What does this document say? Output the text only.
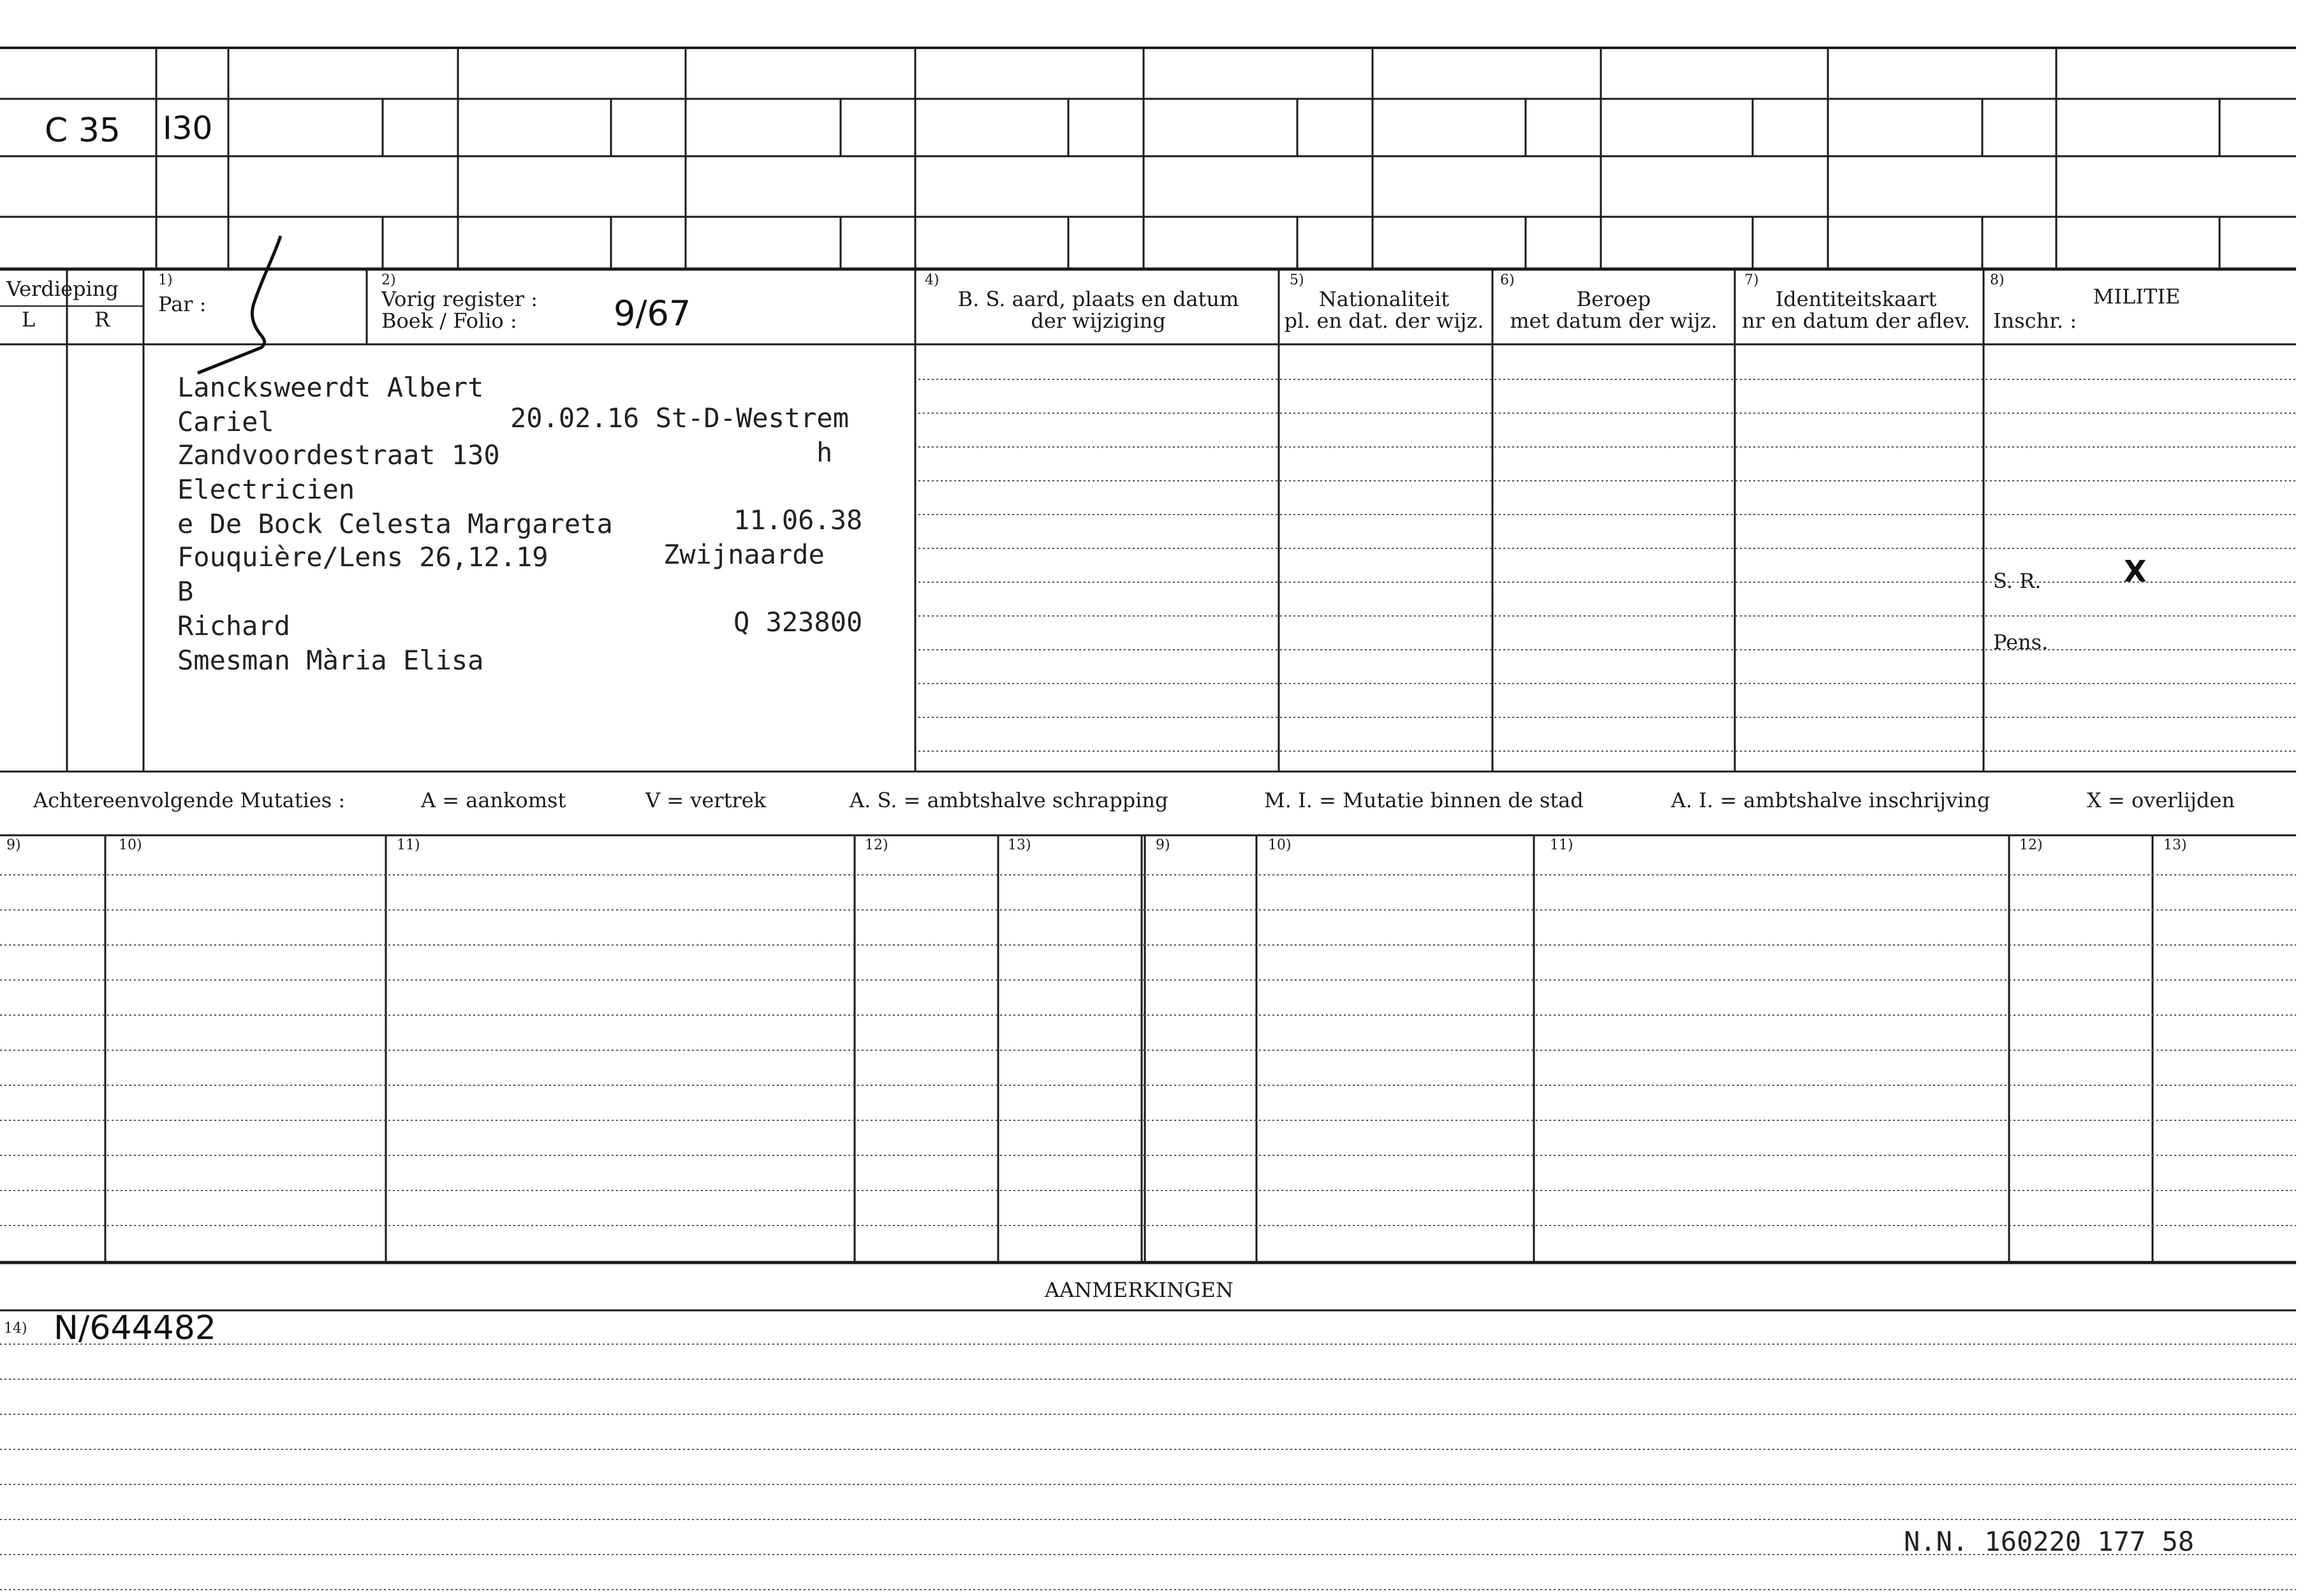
C 35 I30
Verdieping
L	R
1)
Par :
2)
Vorig register :
Boek / Folio :	9/67
4)
B. S. aard, plaats en datum
der wijziging
5)
Nationaliteit
pl. en dat. der wijz.
6)
Beroep
met datum der wijz.
7)
Identiteitskaart
nr en datum der aflev.
8)
MILITIE
Inschr. :
S. R.	X
Pens.
Lancksweerdt Albert
Cariel	20.02.16 St-D-Westrem
Zandvoordestraat 130	h
Electricien
e De Bock Celesta Margareta	11.06.38
Fouquière/Lens 26,12.19	Zwijnaarde
B
Richard	Q 323800
Smesman Mària Elisa
Achtereenvolgende Mutaties :	A = aankomst	V = vertrek	A. S. = ambtshalve schrapping	M. I. = Mutatie binnen de stad	A. I. = ambtshalve inschrijving	X = overlijden
9)	10)	11)	12)	13)	9)	10)	11)	12)	13)
AANMERKINGEN
14) N/644482
N.N. 160220 177 58
